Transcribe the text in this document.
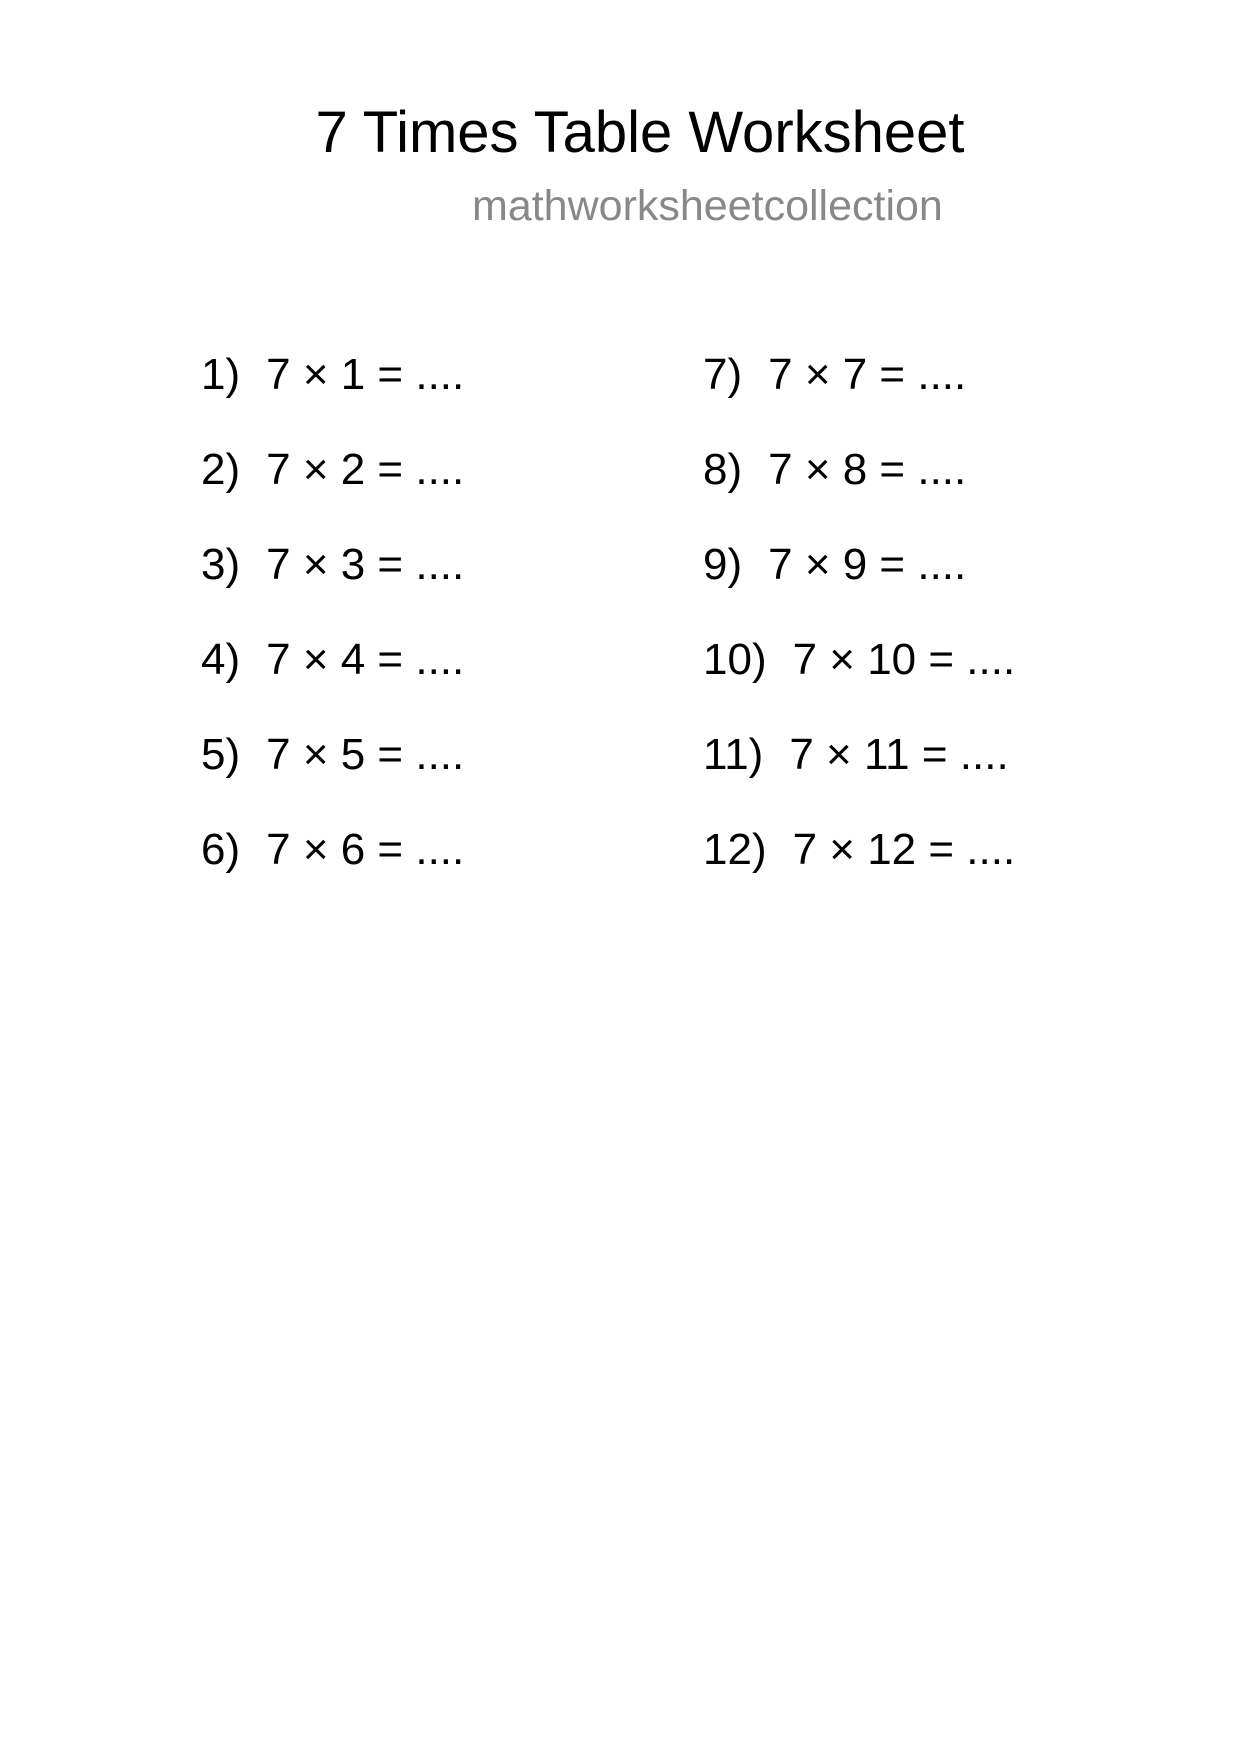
7 Times Table Worksheet
mathworksheetcollection
1) 7 × 1 = ....
2) 7 × 2 = ....
3) 7 × 3 = ....
4) 7 × 4 = ....
5) 7 × 5 = ....
6) 7 × 6 = ....
7) 7 × 7 = ....
8) 7 × 8 = ....
9) 7 × 9 = ....
10) 7 × 10 = ....
11) 7 × 11 = ....
12) 7 × 12 = ....
